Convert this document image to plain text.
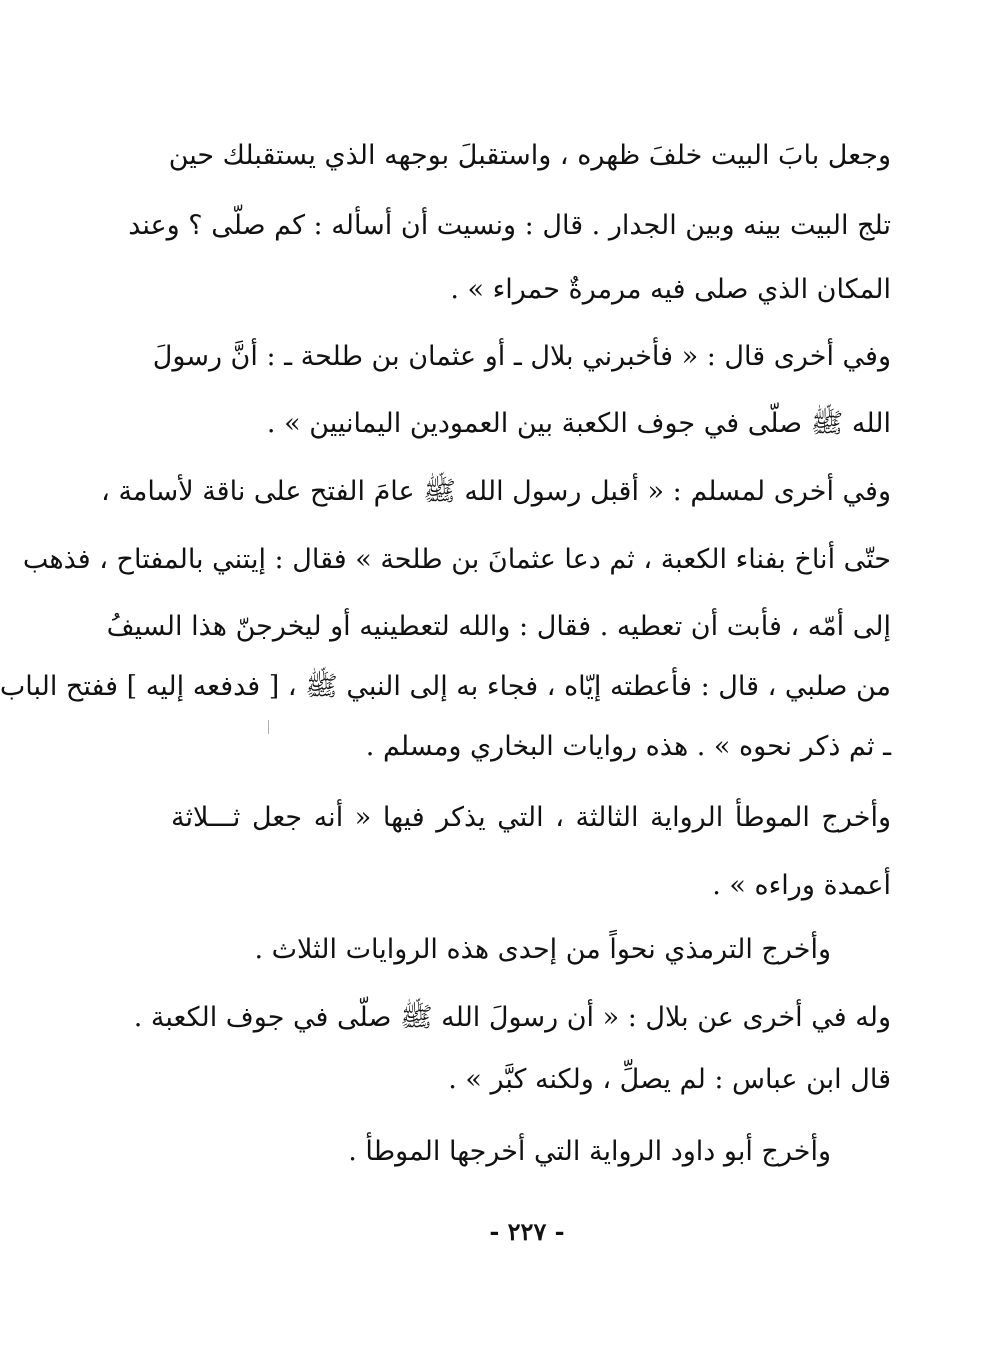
وجعل بابَ البيت خلفَ ظهره ، واستقبلَ بوجهه الذي يستقبلك حين
تلج البيت بينه وبين الجدار . قال : ونسيت أن أسأله : كم صلّى ؟ وعند
المكان الذي صلى فيه مرمرةٌ حمراء » .
وفي أخرى قال : « فأخبرني بلال ـ أو عثمان بن طلحة ـ : أنَّ رسولَ
الله ﷺ صلّى في جوف الكعبة بين العمودين اليمانيين » .
وفي أخرى لمسلم : « أقبل رسول الله ﷺ عامَ الفتح على ناقة لأسامة ،
حتّى أناخ بفناء الكعبة ، ثم دعا عثمانَ بن طلحة » فقال : إيتني بالمفتاح ، فذهب
إلى أمّه ، فأبت أن تعطيه . فقال : والله لتعطينيه أو ليخرجنّ هذا السيفُ
من صلبي ، قال : فأعطته إيّاه ، فجاء به إلى النبي ﷺ ، [ فدفعه إليه ] ففتح الباب
ـ ثم ذكر نحوه » . هذه روايات البخاري ومسلم .
وأخرج الموطأ الرواية الثالثة ، التي يذكر فيها « أنه جعل ثـــلاثة
أعمدة وراءه » .
وأخرج الترمذي نحواً من إحدى هذه الروايات الثلاث .
وله في أخرى عن بلال : « أن رسولَ الله ﷺ صلّى في جوف الكعبة .
قال ابن عباس : لم يصلِّ ، ولكنه كبَّر » .
وأخرج أبو داود الرواية التي أخرجها الموطأ .
- ٢٢٧ -
